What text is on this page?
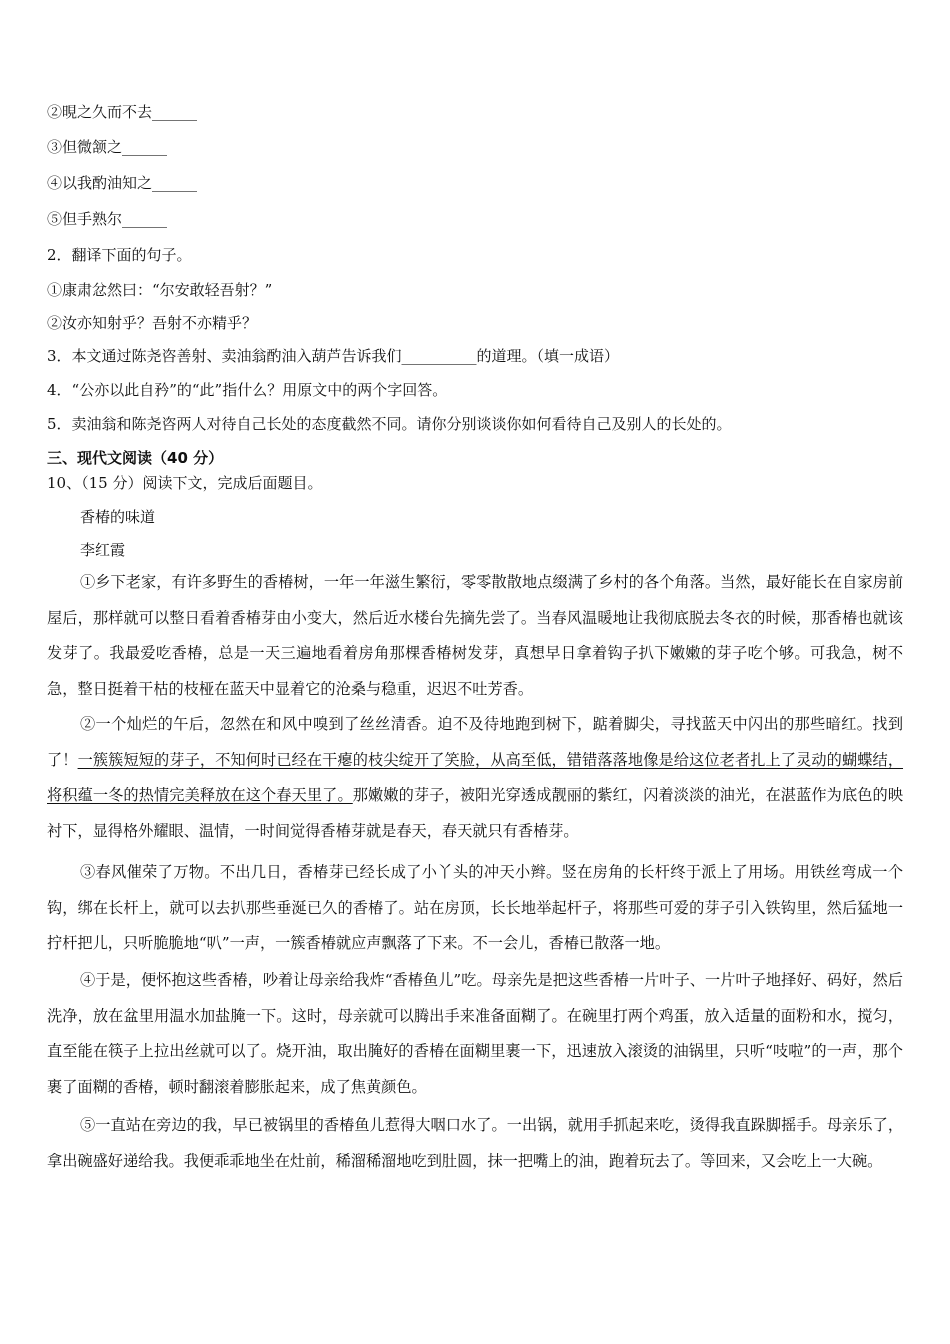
②晛之久而不去______
③但微颔之______
④以我酌油知之______
⑤但手熟尔______
2．翻译下面的句子。
①康肃忿然曰：“尔安敢轻吾射？”
②汝亦知射乎？吾射不亦精乎？
3．本文通过陈尧咨善射、卖油翁酌油入葫芦告诉我们__________的道理。（填一成语）
4．“公亦以此自矜”的“此”指什么？用原文中的两个字回答。
5．卖油翁和陈尧咨两人对待自己长处的态度截然不同。请你分别谈谈你如何看待自己及别人的长处的。
三、现代文阅读（40 分）
10、（15 分）阅读下文，完成后面题目。
香椿的味道
李红霞
①乡下老家，有许多野生的香椿树，一年一年滋生繁衍，零零散散地点缀满了乡村的各个角落。当然，最好能长在自家房前屋后，那样就可以整日看着香椿芽由小变大，然后近水楼台先摘先尝了。当春风温暖地让我彻底脱去冬衣的时候，那香椿也就该发芽了。我最爱吃香椿，总是一天三遍地看着房角那棵香椿树发芽，真想早日拿着钩子扒下嫩嫩的芽子吃个够。可我急，树不急，整日挺着干枯的枝桠在蓝天中显着它的沧桑与稳重，迟迟不吐芳香。
②一个灿烂的午后，忽然在和风中嗅到了丝丝清香。迫不及待地跑到树下，踮着脚尖，寻找蓝天中闪出的那些暗红。找到了！一簇簇短短的芽子，不知何时已经在干瘪的枝尖绽开了笑脸，从高至低，错错落落地像是给这位老者扎上了灵动的蝴蝶结，将积蕴一冬的热情完美释放在这个春天里了。那嫩嫩的芽子，被阳光穿透成靓丽的紫红，闪着淡淡的油光，在湛蓝作为底色的映衬下，显得格外耀眼、温情，一时间觉得香椿芽就是春天，春天就只有香椿芽。
③春风催荣了万物。不出几日，香椿芽已经长成了小丫头的冲天小辫。竖在房角的长杆终于派上了用场。用铁丝弯成一个钩，绑在长杆上，就可以去扒那些垂涎已久的香椿了。站在房顶，长长地举起杆子，将那些可爱的芽子引入铁钩里，然后猛地一拧杆把儿，只听脆脆地“叭”一声，一簇香椿就应声飘落了下来。不一会儿，香椿已散落一地。
④于是，便怀抱这些香椿，吵着让母亲给我炸“香椿鱼儿”吃。母亲先是把这些香椿一片叶子、一片叶子地择好、码好，然后洗净，放在盆里用温水加盐腌一下。这时，母亲就可以腾出手来准备面糊了。在碗里打两个鸡蛋，放入适量的面粉和水，搅匀，直至能在筷子上拉出丝就可以了。烧开油，取出腌好的香椿在面糊里裹一下，迅速放入滚烫的油锅里，只听“吱啦”的一声，那个裹了面糊的香椿，顿时翻滚着膨胀起来，成了焦黄颜色。
⑤一直站在旁边的我，早已被锅里的香椿鱼儿惹得大咽口水了。一出锅，就用手抓起来吃，烫得我直跺脚摇手。母亲乐了，拿出碗盛好递给我。我便乖乖地坐在灶前，稀溜稀溜地吃到肚圆，抹一把嘴上的油，跑着玩去了。等回来，又会吃上一大碗。
